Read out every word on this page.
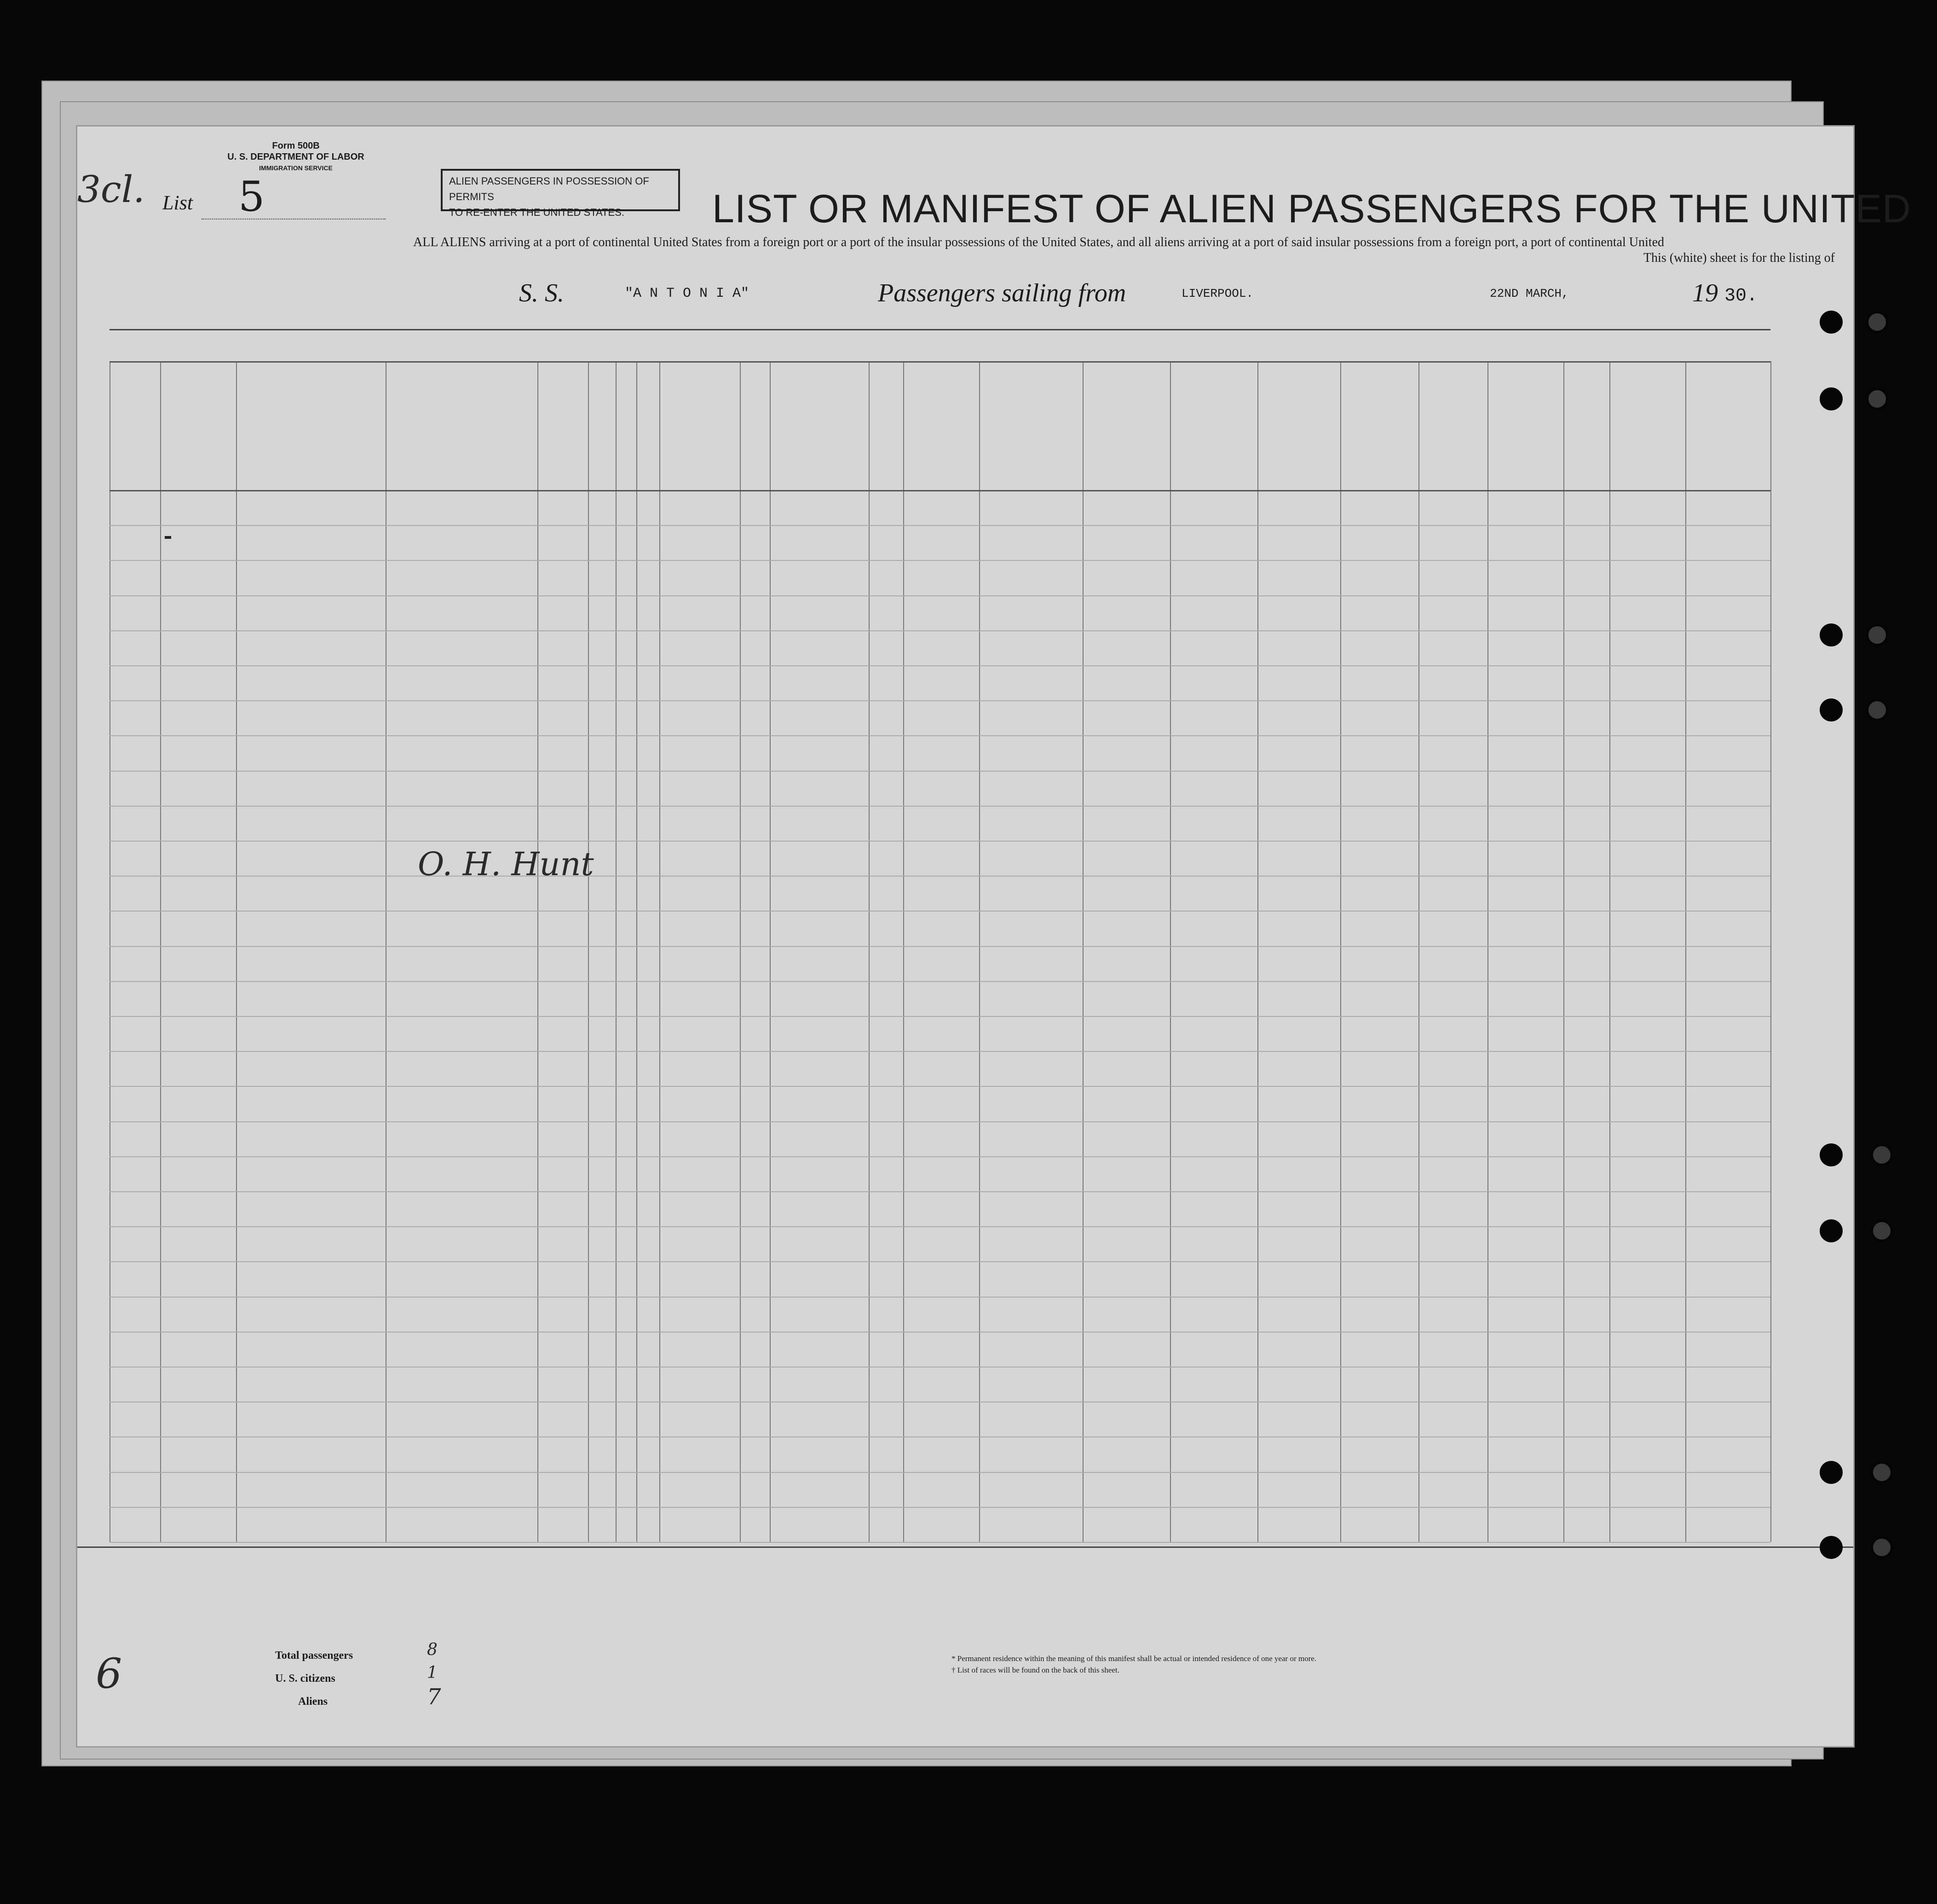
Form 500B
U. S. DEPARTMENT OF LABOR
IMMIGRATION SERVICE
3cl. List 5	ALIEN PASSENGERS IN POSSESSION OF PERMITS
TO RE-ENTER THE UNITED STATES.	LIST OR MANIFEST OF ALIEN PASSENGERS FOR THE UNITED
ALL ALIENS arriving at a port of continental United States from a foreign port or a port of the insular possessions of the United States, and all aliens arriving at a port of said insular possessions from a foreign port, a port of continental United
This (white) sheet is for the listing of
S. S.	"A N T O N I A"	Passengers sailing from	LIVERPOOL.	22ND MARCH,	19 30.
O. H. Hunt
Total passengers	8
U. S. citizens	1
Aliens	7
* Permanent residence within the meaning of this manifest shall be actual or intended residence of one year or more.
† List of races will be found on the back of this sheet.
6
